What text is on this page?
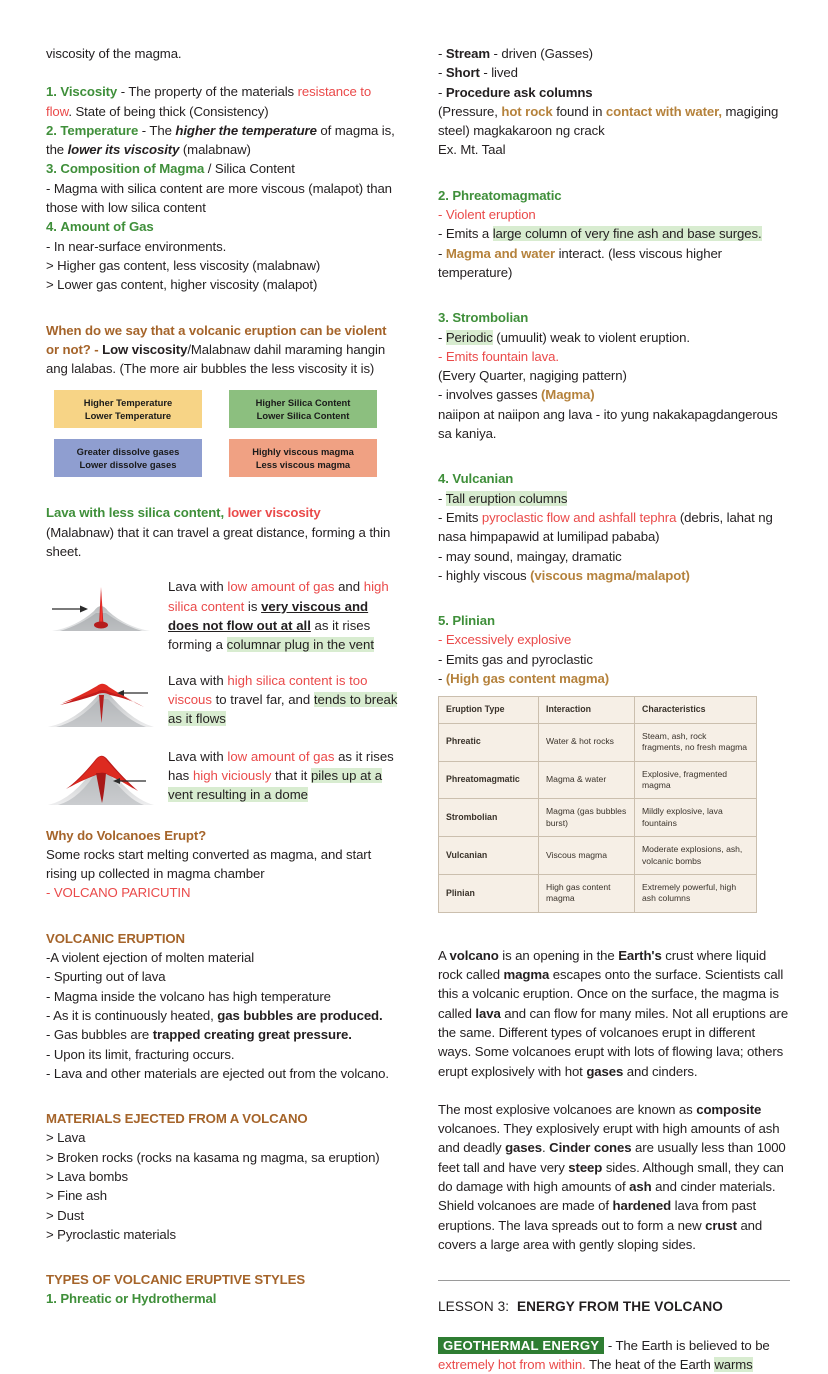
viscosity of the magma.

1. Viscosity - The property of the materials resistance to flow. State of being thick (Consistency)

2. Temperature - The higher the temperature of magma is, the lower its viscosity (malabnaw)

3. Composition of Magma / Silica Content

- Magma with silica content are more viscous (malapot) than those with low silica content

4. Amount of Gas

- In near-surface environments.

> Higher gas content, less viscosity (malabnaw)

> Lower gas content, higher viscosity (malapot)

When do we say that a volcanic eruption can be violent or not? - Low viscosity/Malabnaw dahil maraming hangin ang lalabas. (The more air bubbles the less viscosity it is)

Higher Temperature
Lower Temperature
Higher Silica Content
Lower Silica Content
Greater dissolve gases
Lower dissolve gases
Highly viscous magma
Less viscous magma

Lava with less silica content, lower viscosity

(Malabnaw) that it can travel a great distance, forming a thin sheet.

Lava with low amount of gas and high silica content is very viscous and does not flow out at all as it rises forming a columnar plug in the vent
Lava with high silica content is too viscous to travel far, and tends to break as it flows
Lava with low amount of gas as it rises has high viciously that it piles up at a vent resulting in a dome

Why do Volcanoes Erupt?

Some rocks start melting converted as magma, and start rising up collected in magma chamber

- VOLCANO PARICUTIN

VOLCANIC ERUPTION

-A violent ejection of molten material

- Spurting out of lava

- Magma inside the volcano has high temperature

- As it is continuously heated, gas bubbles are produced.

- Gas bubbles are trapped creating great pressure.

- Upon its limit, fracturing occurs.

- Lava and other materials are ejected out from the volcano.

MATERIALS EJECTED FROM A VOLCANO

> Lava

> Broken rocks (rocks na kasama ng magma, sa eruption)

> Lava bombs

> Fine ash

> Dust

> Pyroclastic materials

TYPES OF VOLCANIC ERUPTIVE STYLES

1. Phreatic or Hydrothermal

- Stream - driven (Gasses)

- Short - lived

- Procedure ask columns

(Pressure, hot rock found in contact with water, magiging steel) magkakaroon ng crack

Ex. Mt. Taal

2. Phreatomagmatic

- Violent eruption

- Emits a large column of very fine ash and base surges.

- Magma and water interact. (less viscous higher temperature)

3. Strombolian

- Periodic (umuulit) weak to violent eruption.

- Emits fountain lava.

(Every Quarter, nagiging pattern)

- involves gasses (Magma)

naiipon at naiipon ang lava - ito yung nakakapagdangerous sa kaniya.

4. Vulcanian

- Tall eruption columns

- Emits pyroclastic flow and ashfall tephra (debris, lahat ng nasa himpapawid at lumilipad pababa)

- may sound, maingay, dramatic

- highly viscous (viscous magma/malapot)

5. Plinian

- Excessively explosive

- Emits gas and pyroclastic

- (High gas content magma)

Eruption Type	Interaction	Characteristics
Phreatic	Water & hot rocks	Steam, ash, rock fragments, no fresh magma
Phreatomagmatic	Magma & water	Explosive, fragmented magma
Strombolian	Magma (gas bubbles burst)	Mildly explosive, lava fountains
Vulcanian	Viscous magma	Moderate explosions, ash, volcanic bombs
Plinian	High gas content magma	Extremely powerful, high ash columns

A volcano is an opening in the Earth's crust where liquid rock called magma escapes onto the surface. Scientists call this a volcanic eruption. Once on the surface, the magma is called lava and can flow for many miles. Not all eruptions are the same. Different types of volcanoes erupt in different ways. Some volcanoes erupt with lots of flowing lava; others erupt explosively with hot gases and cinders.

The most explosive volcanoes are known as composite volcanoes. They explosively erupt with high amounts of ash and deadly gases. Cinder cones are usually less than 1000 feet tall and have very steep sides. Although small, they can do damage with high amounts of ash and cinder materials. Shield volcanoes are made of hardened lava from past eruptions. The lava spreads out to form a new crust and covers a large area with gently sloping sides.

LESSON 3: ENERGY FROM THE VOLCANO

GEOTHERMAL ENERGY - The Earth is believed to be extremely hot from within. The heat of the Earth warms
